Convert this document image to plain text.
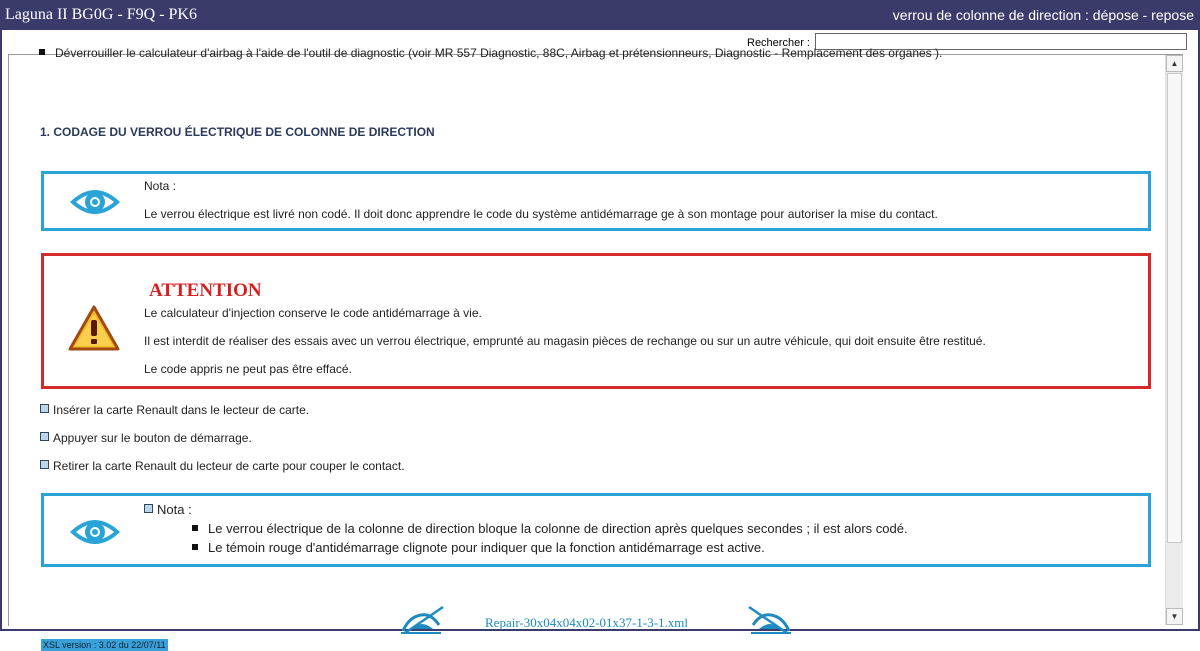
Laguna II BG0G - F9Q - PK6	verrou de colonne de direction : dépose - repose
Rechercher :
Déverrouiller le calculateur d'airbag à l'aide de l'outil de diagnostic (voir MR 557 Diagnostic, 88C, Airbag et prétensionneurs, Diagnostic - Remplacement des organes ).
1. CODAGE DU VERROU ÉLECTRIQUE DE COLONNE DE DIRECTION
Nota :
Le verrou électrique est livré non codé. Il doit donc apprendre le code du système antidémarrage ge à son montage pour autoriser la mise du contact.
ATTENTION
Le calculateur d'injection conserve le code antidémarrage à vie.
Il est interdit de réaliser des essais avec un verrou électrique, emprunté au magasin pièces de rechange ou sur un autre véhicule, qui doit ensuite être restitué.
Le code appris ne peut pas être effacé.
Insérer la carte Renault dans le lecteur de carte.
Appuyer sur le bouton de démarrage.
Retirer la carte Renault du lecteur de carte pour couper le contact.
Nota :
Le verrou électrique de la colonne de direction bloque la colonne de direction après quelques secondes ; il est alors codé.
Le témoin rouge d'antidémarrage clignote pour indiquer que la fonction antidémarrage est active.
Repair-30x04x04x02-01x37-1-3-1.xml
XSL version : 3.02 du 22/07/11
▲
▼
